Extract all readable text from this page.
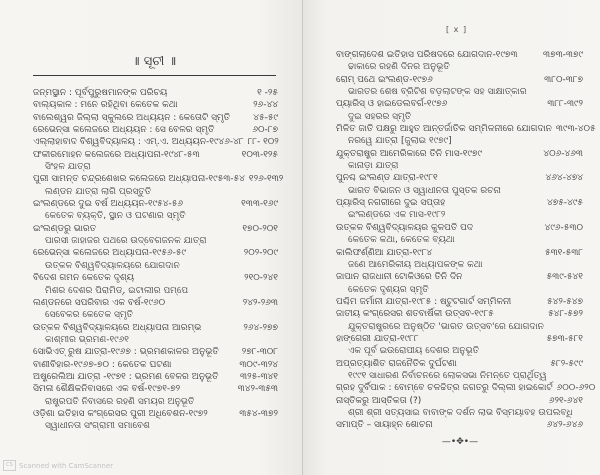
॥ ସୂଚୀ ॥
ଜନ୍ମସ୍ଥାନ : ପୂର୍ବପୁରୁଷମାନଙ୍କ ପରିଚୟ	୧ -୨୫
ବାଲ୍ୟକାଳ : ମନେ ରହିଥିବା କେତେକ କଥା	୨୬-୪୪
ବାଲେଶ୍ୱର ଜିଲ୍ଲା ସ୍କୁଲରେ ଅଧ୍ୟୟନ : କେତୋଟି ସ୍ମୃତି	୪୫-୫୯
ରେଭେନ୍ସା କଲେଜରେ ଅଧ୍ୟୟନ : ସେ ବେଳର ସ୍ମୃତି	୬୦-୮୭
ଏଲ୍ଲାହାବାଦ ବିଶ୍ୱବିଦ୍ୟାଳୟ : ଏମ୍.ଏ. ଅଧ୍ୟୟନ-୧୯୪୬-୪୮ ୮୮- ୧୦୨
ଫକୀରମୋହନ କଲେଜରେ ଅଧ୍ୟାପନା-୧୯୪୮-୫୩	୧୦୩-୧୨୫
ସିଂହଳ ଯାତ୍ରା
ପୁରୀ ସାମନ୍ତ ଚନ୍ଦ୍ରଶେଖର କଲେଜରେ ଅଧ୍ୟାପନା-୧୯୫୩-୫୪ ୧୨୬-୧୩୨
ଲଣ୍ଡନ ଯାତ୍ରା ଲାଗି ପ୍ରସ୍ତୁତି
ଇଂଲଣ୍ଡରେ ଦୁଇ ବର୍ଷ ଅଧ୍ୟୟନ-୧୯୫୪-୫୬	୧୩୩-୧୬୯
କେତେକ ବ୍ୟକ୍ତି, ସ୍ଥାନ ଓ ଘଟଣାର ସ୍ମୃତି
ଇଂଲଣ୍ଡରୁ ଭାରତ	୧୭୦-୨୦୧
ପାରସୀ ଜାହାଜର ପଥରେ ଉଦ୍‌ବେଗଜନକ ଯାତ୍ରା
ରେଭେନ୍ସା କଲେଜରେ ଅଧ୍ୟାପନା-୧୯୫୬-୫୯	୨୦୨-୨୦୯
ଉତ୍କଳ ବିଶ୍ୱବିଦ୍ୟାଳୟରେ ଯୋଗଦାନ
ବିଦେଶ ଗମନ କେତେକ ଦୃଶ୍ୟ	୨୧୦-୨୪୧
ମିଶର ଦେଶର ପିରାମିଡ୍, ଇଟାଲୀର ପମ୍ପେ
ଲଣ୍ଡନରେ ସପରିବାର ଏକ ବର୍ଷ-୧୯୬୦	୨୪୨-୨୬୩
ସେବେକର କେତେକ ସ୍ମୃତି
ଉତ୍କଳ ବିଶ୍ୱବିଦ୍ୟାଳୟରେ ଅଧ୍ୟାପନା ଆରମ୍ଭ	୨୬୪-୨୭୭
କାଶ୍ମୀର ଭ୍ରମଣ-୧୯୬୧
ସୋଭିଏତ୍ ରୁଷ ଯାତ୍ରା-୧୯୬୭ : ଭ୍ରମଣକାଳର ଅନୁଭୂତି	୨୭୮-୩୦୮
ବାଣୀବିହାର-୧୯୬୭-୭୦ : କେତେକ ଘଟଣା	୩୦୯-୩୨୪
ଅଷ୍ଟ୍ରେଲିଆ ଯାତ୍ରା -୧୯୭୧ : ଭ୍ରମଣ ବେଳର ଅନୁଭୂତି	୩୨୫-୩୪୧
ସିମଳା ଶୈକ୍ଷିକନିବାସରେ ଏକ ବର୍ଷ-୧୯୭୧-୭୨	୩୪୨-୩୫୩
ରାଷ୍ଟ୍ରପତି ନିବାସରେ ରହଣି ସମୟର ଅନୁଭୂତି
ଓଡ଼ିଶା ଇତିହାସ କଂଗ୍ରେସର ପୁରୀ ଅଧିବେଶନ-୧୯୭୨	୩୫୪-୩୭୨
ସ୍ୱାଧୀନତା ସଂଗ୍ରାମୀ ସମାବେଶ
CS Scanned with CamScanner
[ x ]
ବାଙ୍ଗଲାଦେଶ ଇତିହାସ ପରିଷଦରେ ଯୋଗଦାନ-୧୯୭୩	୩୭୩-୩୭୯
ଢାକାରେ ରହଣି ଦିନର ଅନୁଭୂତି
ରୋମ୍ ପଥେ ଇଂଲଣ୍ଡ-୧୯୭୬	୩୮୦-୩୮୭
ଭାରତର ଶେଷ ବ୍ରିଟିଶ ବଡ଼ଲାଟଙ୍କ ସହ ସାକ୍ଷାତ୍କାର
ପ୍ୟାରିସ୍ ଓ ହାଇଡେଲବର୍ଗ-୧୯୭୬	୩୮୮-୩୯୨
ଦୁଇ ସହରର ସ୍ମୃତି
ମିଳିତ ଜାତି ପକ୍ଷରୁ ଆହୁତ ଆନ୍ତର୍ଜାତିକ ସମ୍ମିଳନୀରେ ଯୋଗଦାନ ୩୯୩-୪୦୫
ନରୱେ ଯାତ୍ରା [ଜୁଲାଇ ୧୯୭୯]
ଯୁକ୍ତରାଷ୍ଟ୍ର ଆମେରିକାରେ ତିନି ମାସ-୧୯୭୯	୪୦୬-୪୬୩
କାନାଡ଼ା ଯାତ୍ରା
ପୁନଶ୍ଚ ଇଂଲଣ୍ଡ ଯାତ୍ରା-୧୯୮୧	୪୬୪-୪୭୪
ଭାରତ ବିଭାଜନ ଓ ସ୍ୱାଧୀନତା ପୁସ୍ତକ ରଚନା
ପ୍ୟାରିସ୍ ନଗରୀରେ ଦୁଇ ସପ୍ତାହ	୪୭୫-୪୯୫
ଇଂଲଣ୍ଡରେ ଏକ ମାସ-୧୯୮୨
ଉତ୍କଳ ବିଶ୍ୱବିଦ୍ୟାଳୟର କୁଳପତି ପଦ	୪୯୬-୫୩୦
କେତେକ କଥା, କେତେକ ବ୍ୟଥା
କାଲିଫର୍ଣ୍ଣିଆ ଯାତ୍ରା-୧୯୮୪	୫୩୧-୫୩୮
ଜଣେ ଆମେରିକୀୟ ଅଧ୍ୟାପକଙ୍କ କଥା
ଜାପାନ ରାଜଧାନୀ ଟୋକିଓରେ ତିନି ଦିନ	୫୩୯-୫୪୧
କେତେକ ଦୃଶ୍ୟର ସ୍ମୃତି
ପଶ୍ଚିମ ଜର୍ମାନୀ ଯାତ୍ରା-୧୯୮୫ : ଷ୍ଟୁଟଗାର୍ଟ ସମ୍ମିଳନୀ	୫୪୨-୫୪୭
ଜାତୀୟ କଂଗ୍ରେସର ଶତବାର୍ଷିକୀ ଉତ୍ସବ-୧୯୮୫	୫୪୮-୫୭୨
ଯୁକ୍ତରାଷ୍ଟ୍ରରେ ଅନୁଷ୍ଠିତ 'ଭାରତ ଉତ୍ସବ'ରେ ଯୋଗଦାନ
ହାଙ୍ଗେରୀ ଯାତ୍ରା-୧୯୮୮	୫୭୩-୫୮୧
ଏକ ପୂର୍ବ ଇଉରୋପୀୟ ଦେଶର ଅନୁଭୂତି
ଅପ୍ରତ୍ୟାଶିତ ରାଜନୈତିକ ଦୁର୍ଘଟଣା	୫୮୨-୫୯୯
୧୯୯୧ ସାଧାରଣ ନିର୍ବାଚନରେ ଲୋକସଭା ନିମନ୍ତେ ପ୍ରାର୍ଥିତ୍ୱ
ଗ୍ରହ ଦୁର୍ବିପାକ : ବୋମ୍ବେ ଚଳଚ୍ଚିତ୍ର ଜଗତରୁ ଦିଲ୍ଲୀ ହାଇକୋର୍ଟ ୬୦୦-୬୨୦
ନାସ୍ତିକରୁ ଆସ୍ତିକତା (?)	୬୨୧-୬୪୧
ଶ୍ରୀ ଶ୍ରୀ ସତ୍ୟସାଇ ବାବାଙ୍କ ଦର୍ଶନ ଲାଭ ବିସ୍ମୟାବହ ଉପଲବ୍ଧି
ସମାପ୍ତି – ସାୟାହ୍ନ ଶୋଚନା	୬୪୨-୬୪୬
—•✥•—
